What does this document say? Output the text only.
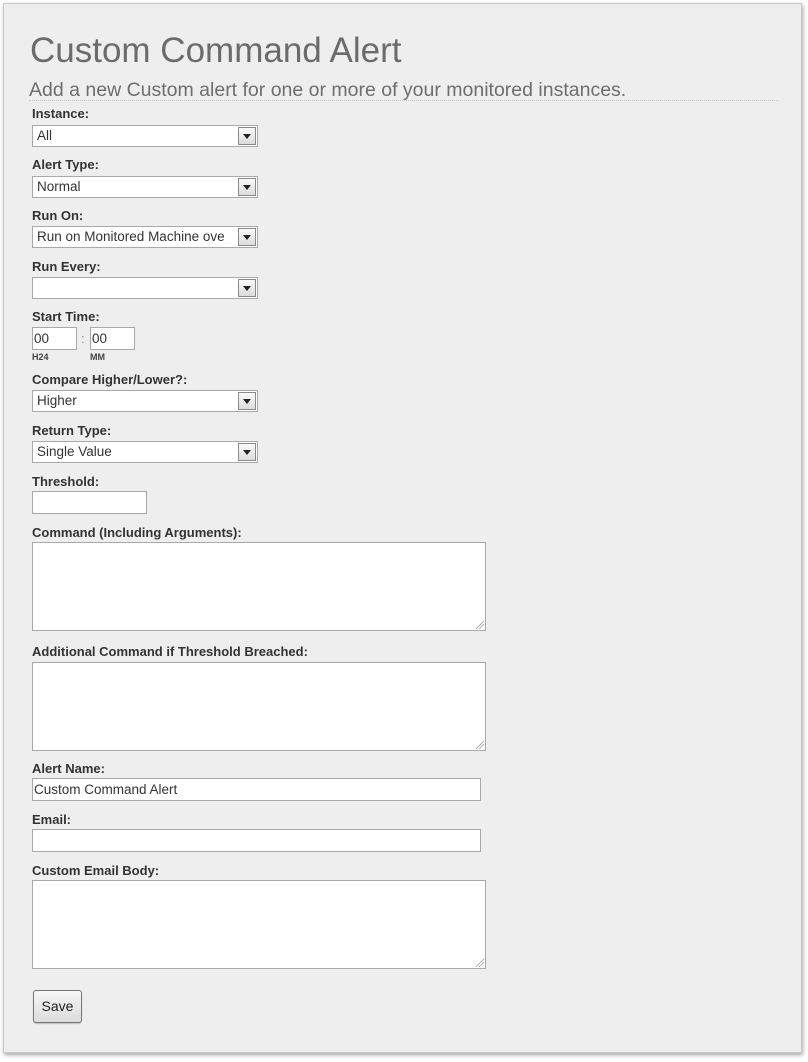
Custom Command Alert
Add a new Custom alert for one or more of your monitored instances.
Instance:
All
Alert Type:
Normal
Run On:
Run on Monitored Machine ove
Run Every:
Start Time:
00 : 00
H24	MM
Compare Higher/Lower?:
Higher
Return Type:
Single Value
Threshold:
Command (Including Arguments):
Additional Command if Threshold Breached:
Alert Name:
Custom Command Alert
Email:
Custom Email Body:
Save
